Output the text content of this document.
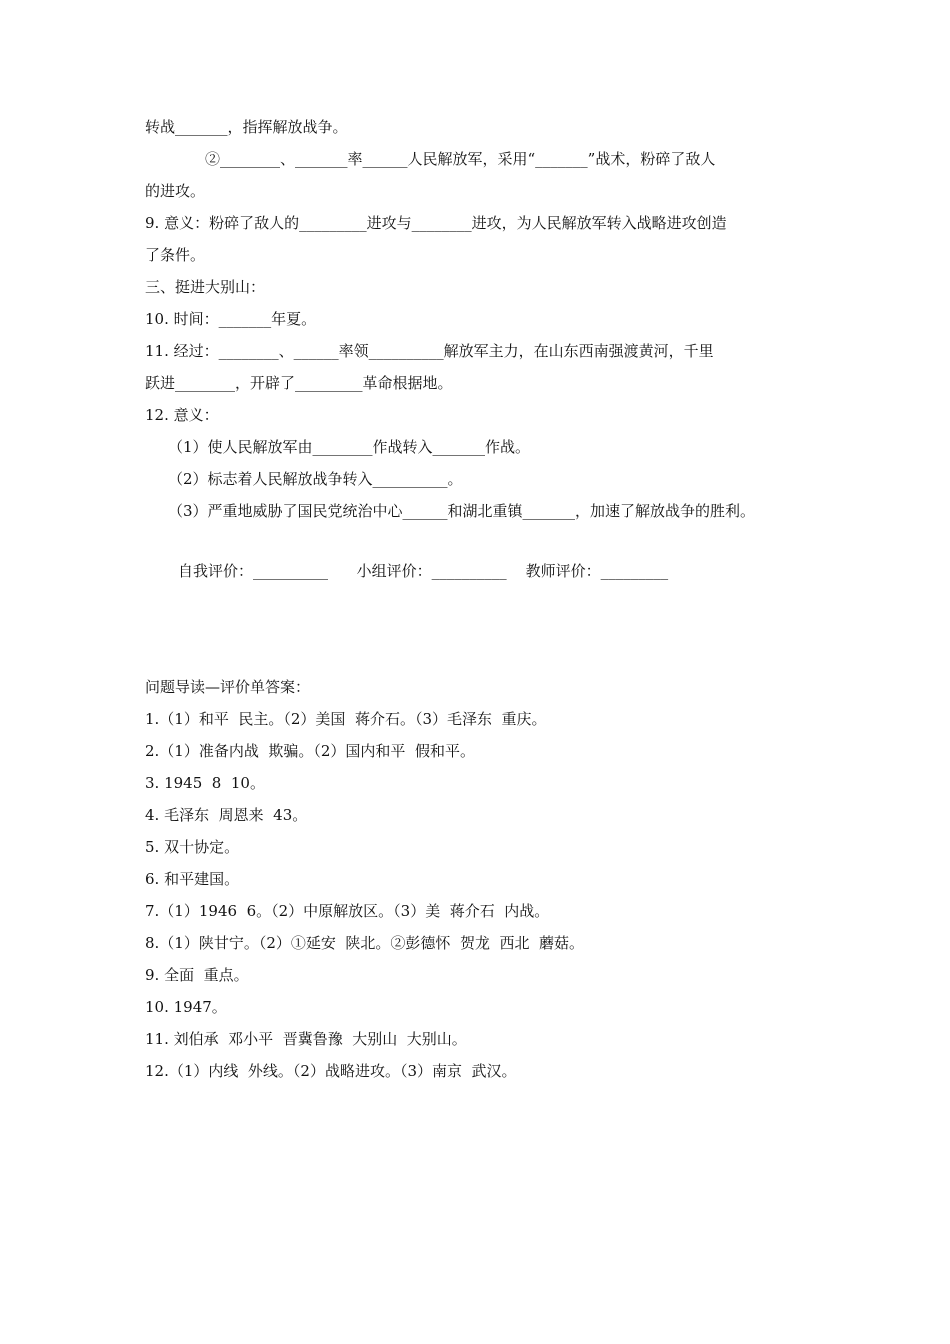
转战_______，指挥解放战争。
②________、_______率______人民解放军，采用“_______”战术，粉碎了敌人
的进攻。
9. 意义：粉碎了敌人的_________进攻与________进攻，为人民解放军转入战略进攻创造
了条件。
三、挺进大别山：
10. 时间：_______年夏。
11. 经过：________、______率领__________解放军主力，在山东西南强渡黄河，千里
跃进________，开辟了_________革命根据地。
12. 意义：
（1）使人民解放军由________作战转入_______作战。
（2）标志着人民解放战争转入__________。
（3）严重地威胁了国民党统治中心______和湖北重镇_______，加速了解放战争的胜利。
自我评价：__________      小组评价：__________    教师评价：_________
问题导读—评价单答案：
1.（1）和平  民主。（2）美国  蒋介石。（3）毛泽东  重庆。
2.（1）准备内战  欺骗。（2）国内和平  假和平。
3. 1945  8  10。
4. 毛泽东  周恩来  43。
5. 双十协定。
6. 和平建国。
7.（1）1946  6。（2）中原解放区。（3）美  蒋介石  内战。
8.（1）陕甘宁。（2）①延安  陕北。②彭德怀  贺龙  西北  蘑菇。
9. 全面  重点。
10. 1947。
11. 刘伯承  邓小平  晋冀鲁豫  大别山  大别山。
12.（1）内线  外线。（2）战略进攻。（3）南京  武汉。
